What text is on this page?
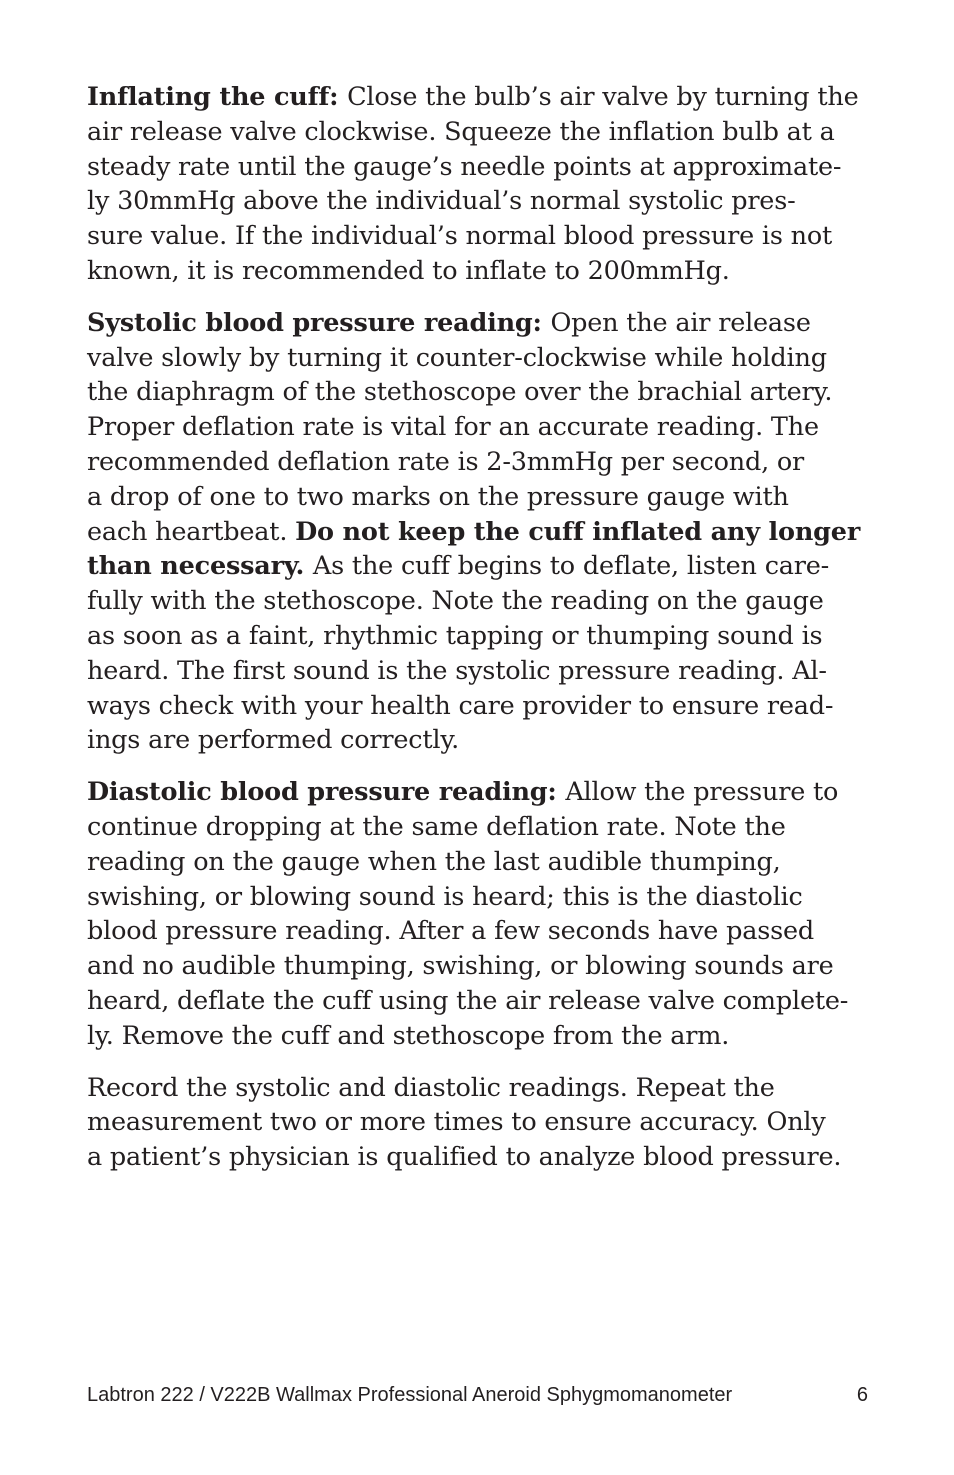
Inflating the cuff: Close the bulb’s air valve by turning the
air release valve clockwise. Squeeze the inflation bulb at a
steady rate until the gauge’s needle points at approximate-
ly 30mmHg above the individual’s normal systolic pres-
sure value. If the individual’s normal blood pressure is not
known, it is recommended to inflate to 200mmHg.
Systolic blood pressure reading: Open the air release
valve slowly by turning it counter-clockwise while holding
the diaphragm of the stethoscope over the brachial artery.
Proper deflation rate is vital for an accurate reading. The
recommended deflation rate is 2-3mmHg per second, or
a drop of one to two marks on the pressure gauge with
each heartbeat. Do not keep the cuff inflated any longer
than necessary. As the cuff begins to deflate, listen care-
fully with the stethoscope. Note the reading on the gauge
as soon as a faint, rhythmic tapping or thumping sound is
heard. The first sound is the systolic pressure reading. Al-
ways check with your health care provider to ensure read-
ings are performed correctly.
Diastolic blood pressure reading: Allow the pressure to
continue dropping at the same deflation rate. Note the
reading on the gauge when the last audible thumping,
swishing, or blowing sound is heard; this is the diastolic
blood pressure reading. After a few seconds have passed
and no audible thumping, swishing, or blowing sounds are
heard, deflate the cuff using the air release valve complete-
ly. Remove the cuff and stethoscope from the arm.
Record the systolic and diastolic readings. Repeat the
measurement two or more times to ensure accuracy. Only
a patient’s physician is qualified to analyze blood pressure.
Labtron 222 / V222B Wallmax Professional Aneroid Sphygmomanometer	6
